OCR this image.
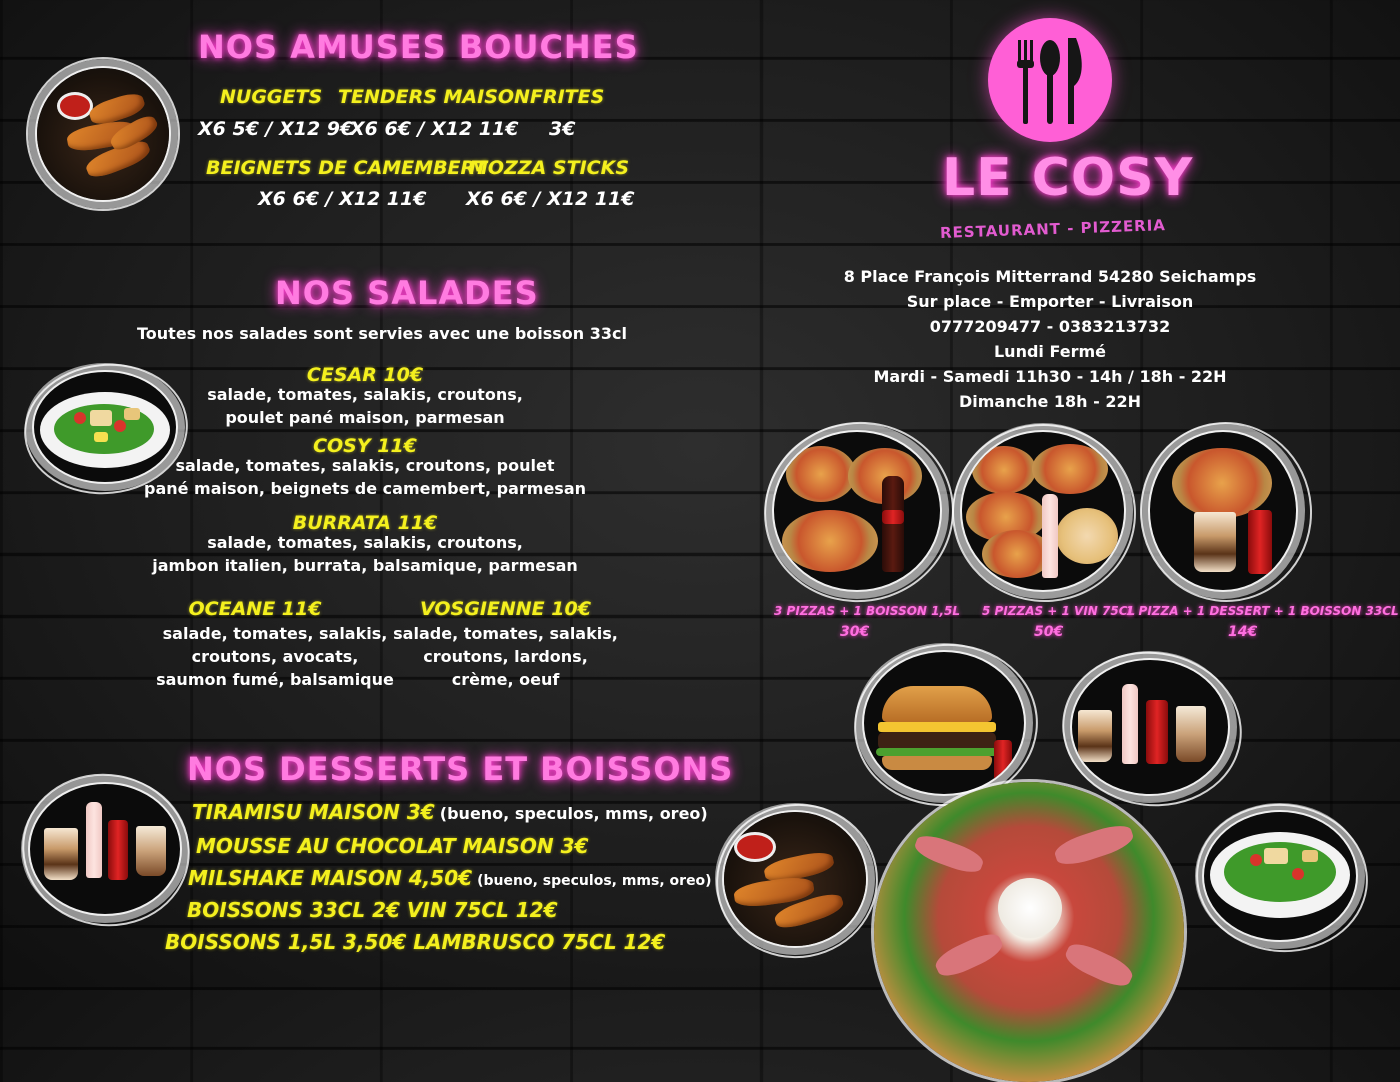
NOS AMUSES BOUCHES
NUGGETS TENDERS MAISON FRITES
X6 5€ / X12 9€
X6 6€ / X12 11€ 3€
BEIGNETS DE CAMEMBERT
MOZZA STICKS
X6 6€ / X12 11€ X6 6€ / X12 11€
NOS SALADES
Toutes nos salades sont servies avec une boisson 33cl
CESAR 10€
salade, tomates, salakis, croutons,
poulet pané maison, parmesan
COSY 11€
salade, tomates, salakis, croutons, poulet
pané maison, beignets de camembert, parmesan
BURRATA 11€
salade, tomates, salakis, croutons,
jambon italien, burrata, balsamique, parmesan
OCEANE 11€
salade, tomates, salakis,
croutons, avocats,
saumon fumé, balsamique
VOSGIENNE 10€
salade, tomates, salakis,
croutons, lardons,
crème, oeuf
NOS DESSERTS ET BOISSONS
TIRAMISU MAISON 3€ (bueno, speculos, mms, oreo)
MOUSSE AU CHOCOLAT MAISON 3€
MILSHAKE MAISON 4,50€ (bueno, speculos, mms, oreo)
BOISSONS 33CL 2€ VIN 75CL 12€
BOISSONS 1,5L 3,50€ LAMBRUSCO 75CL 12€
LE COSY
RESTAURANT - PIZZERIA
8 Place François Mitterrand 54280 Seichamps
Sur place - Emporter - Livraison
0777209477 - 0383213732
Lundi Fermé
Mardi - Samedi 11h30 - 14h / 18h - 22H
Dimanche 18h - 22H
3 PIZZAS + 1 BOISSON 1,5L
30€
5 PIZZAS + 1 VIN 75CL
50€
1 PIZZA + 1 DESSERT + 1 BOISSON 33CL
14€
